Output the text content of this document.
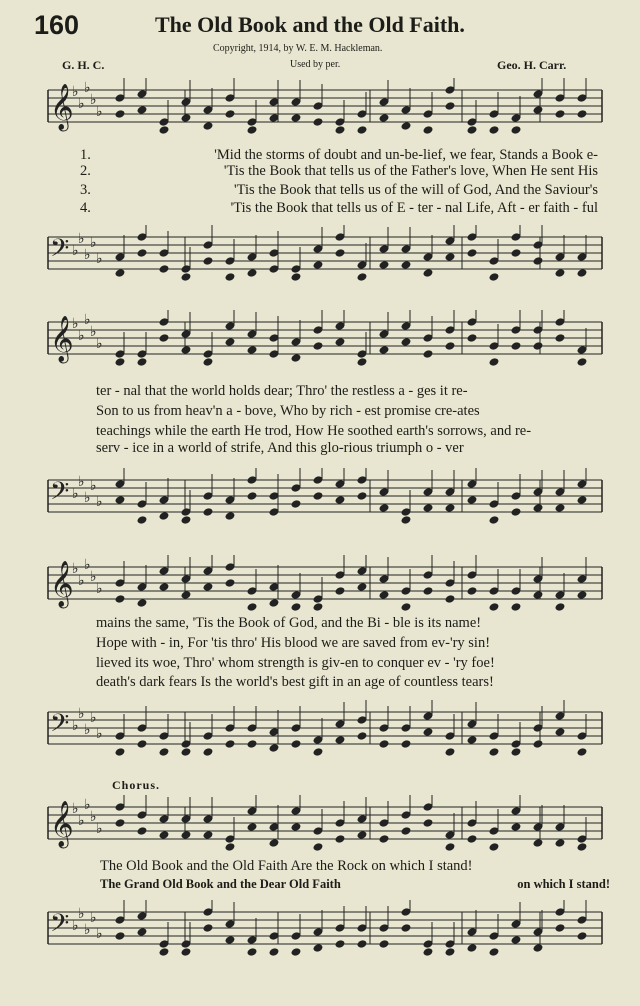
160	The Old Book and the Old Faith.
Copyright, 1914, by W. E. M. Hackleman.
Used by per.
G. H. C.	Geo. H. Carr.
𝄞
♭
♭
♭
♭
♭
1.	'Mid the storms of doubt and un-be-lief, we fear, Stands a Book e-
2.	'Tis the Book that tells us of the Father's love, When He sent His
3.	'Tis the Book that tells us of the will of God, And the Saviour's
4.	'Tis the Book that tells us of E - ter - nal Life, Aft - er faith - ful
𝄢 ♭
♭
♭
♭
♭
𝄞
♭
♭
♭
♭
♭
ter - nal that the world holds dear; Thro' the restless a - ges it re-
Son to us from heav'n a - bove, Who by rich - est promise cre-ates
teachings while the earth He trod, How He soothed earth's sorrows, and re-
serv - ice in a world of strife, And this glo-rious triumph o - ver
𝄢 ♭
♭
♭
♭
♭
𝄞
♭
♭
♭
♭
♭
mains the same, 'Tis the Book of God, and the Bi - ble is its name!
Hope with - in, For 'tis thro' His blood we are saved from ev-'ry sin!
lieved its woe, Thro' whom strength is giv-en to conquer ev - 'ry foe!
death's dark fears Is the world's best gift in an age of countless tears!
𝄢 ♭
♭
♭
♭
♭
Chorus.
𝄞
♭
♭
♭
♭
♭
The Old Book and the Old Faith Are the Rock on which I stand!
The Grand Old Book and the Dear Old Faith	on which I stand!
𝄢 ♭
♭
♭
♭
♭
